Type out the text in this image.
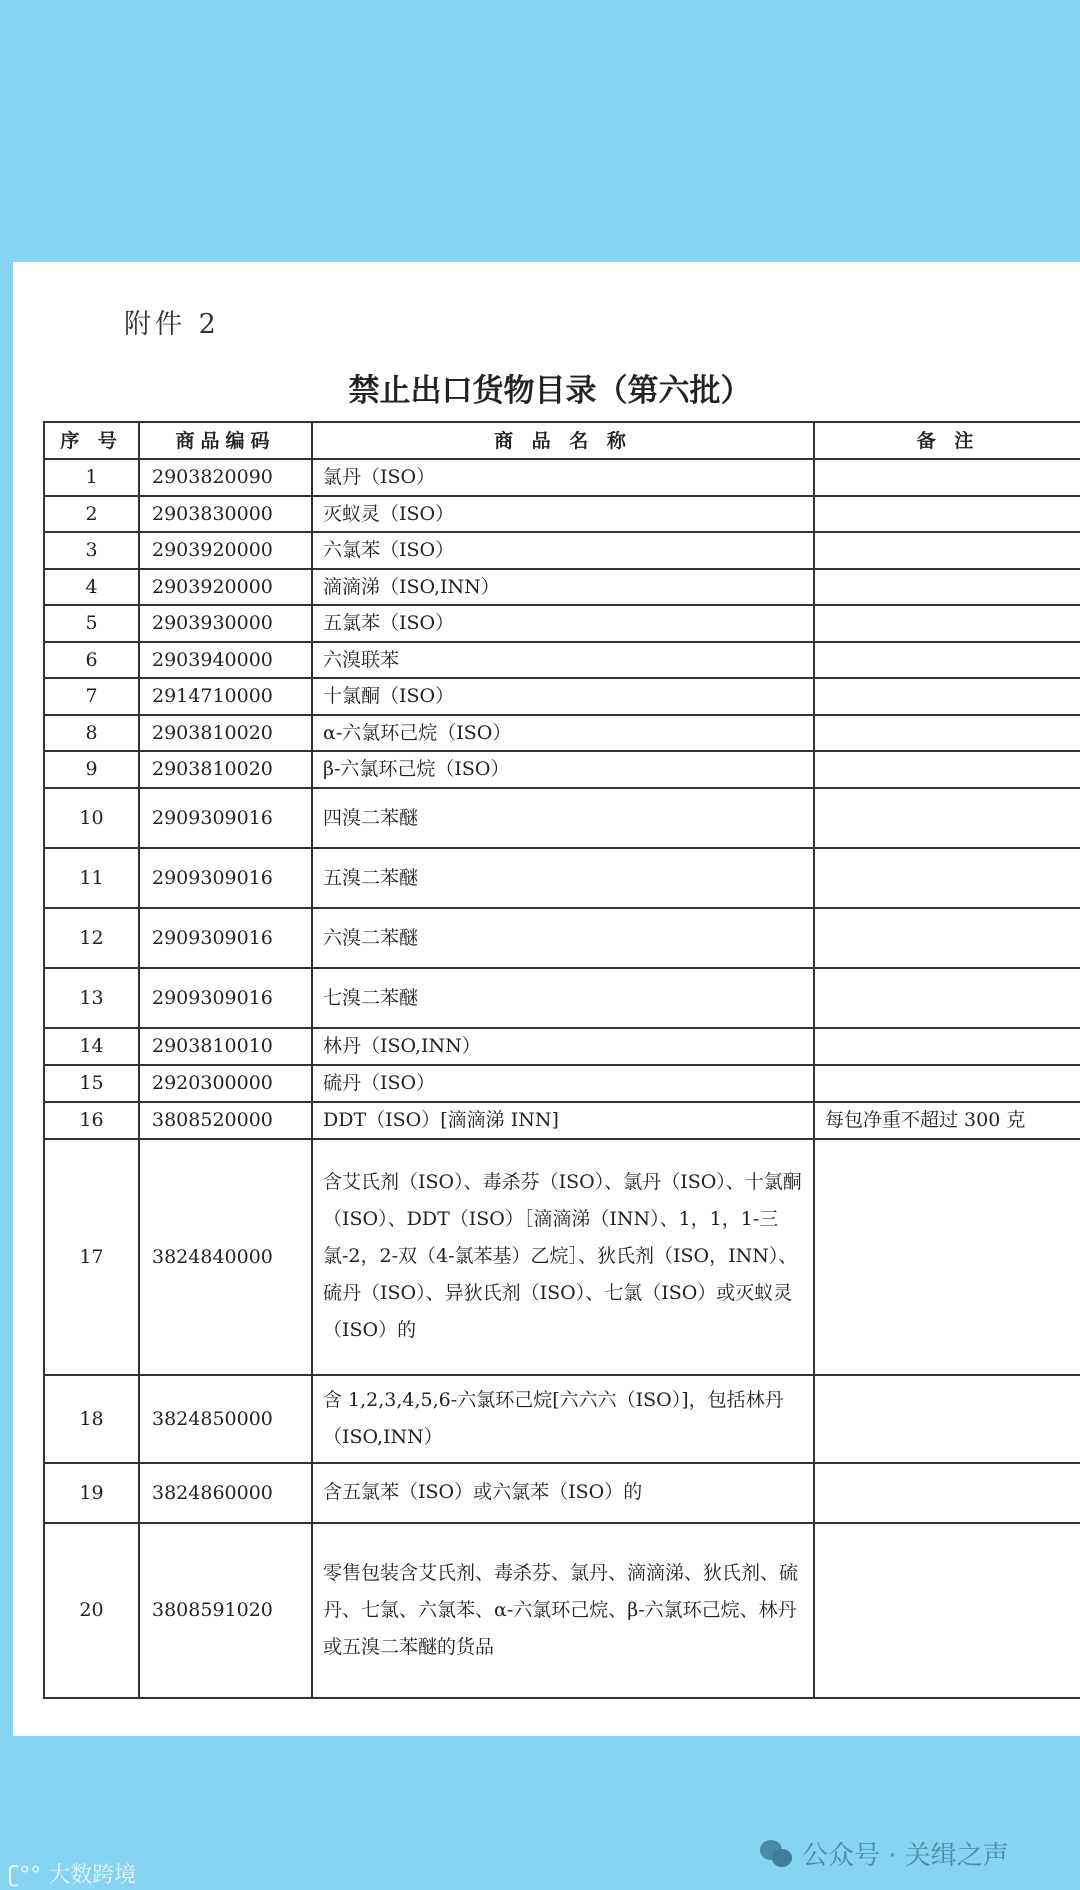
附件 2
禁止出口货物目录（第六批）
序 号	商品编码	商 品 名 称	备 注
1	2903820090	氯丹（ISO）	
2	2903830000	灭蚁灵（ISO）	
3	2903920000	六氯苯（ISO）	
4	2903920000	滴滴涕（ISO,INN）	
5	2903930000	五氯苯（ISO）	
6	2903940000	六溴联苯	
7	2914710000	十氯酮（ISO）	
8	2903810020	α-六氯环己烷（ISO）	
9	2903810020	β-六氯环己烷（ISO）	
10	2909309016	四溴二苯醚	
11	2909309016	五溴二苯醚	
12	2909309016	六溴二苯醚	
13	2909309016	七溴二苯醚	
14	2903810010	林丹（ISO,INN）	
15	2920300000	硫丹（ISO）	
16	3808520000	DDT（ISO）[滴滴涕 INN]	每包净重不超过 300 克
17	3824840000	含艾氏剂（ISO）、毒杀芬（ISO）、氯丹（ISO）、十氯酮（ISO）、DDT（ISO）［滴滴涕（INN）、1，1，1-三氯-2，2-双（4-氯苯基）乙烷］、狄氏剂（ISO，INN）、硫丹（ISO）、异狄氏剂（ISO）、七氯（ISO）或灭蚁灵（ISO）的	
18	3824850000	含 1,2,3,4,5,6-六氯环己烷[六六六（ISO）]，包括林丹（ISO,INN）	
19	3824860000	含五氯苯（ISO）或六氯苯（ISO）的	
20	3808591020	零售包装含艾氏剂、毒杀芬、氯丹、滴滴涕、狄氏剂、硫丹、七氯、六氯苯、α-六氯环己烷、β-六氯环己烷、林丹或五溴二苯醚的货品	
ʗ°° 大数跨境
公众号 · 关缉之声
